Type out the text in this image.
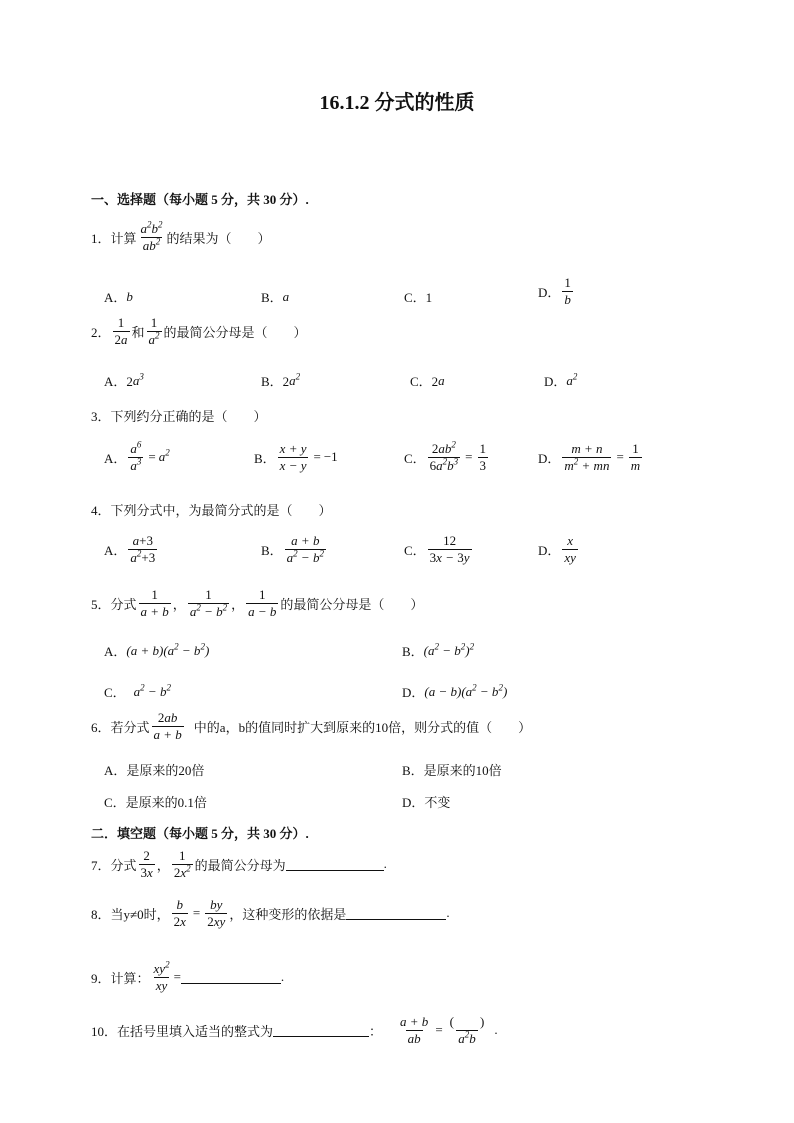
16.1.2 分式的性质
一、选择题（每小题 5 分，共 30 分）.
1．计算 $\frac{a^2b^2}{ab^2}$ 的结果为（　　）
A． b	B． a	C．1	D． $\frac{1}{b}$
2． $\frac{1}{2a}$ 和 $\frac{1}{a^2}$ 的最简公分母是（　　）
A．2 $a^3$	B．2 $a^2$	C．2 a	D． $a^2$
3．下列约分正确的是（　　）
A． $\frac{a^6}{a^3} = a^2$	B． $\frac{x + y}{x - y} = -1$	C． $\frac{2ab^2}{6a^2b^3} = \frac{1}{3}$	D． $\frac{m + n}{m^2 + mn} = \frac{1}{m}$
4．下列分式中，为最简分式的是（　　）
A． $\frac{a+3}{a^2+3}$	B． $\frac{a + b}{a^2 - b^2}$	C． $\frac{12}{3x - 3y}$	D． $\frac{x}{xy}$
5．分式 $\frac{1}{a + b}$ ， $\frac{1}{a^2 - b^2}$ ， $\frac{1}{a - b}$ 的最简公分母是（　　）
A． $(a + b)(a^2 - b^2)$	B． $(a^2 - b^2)^2$
C． $a^2 - b^2$	D． $(a - b)(a^2 - b^2)$
6．若分式 $\frac{2ab}{a + b}$ 中的a，b的值同时扩大到原来的10倍，则分式的值（　　）
A．是原来的20倍	B．是原来的10倍
C．是原来的0.1倍	D．不变
二．填空题（每小题 5 分，共 30 分）.
7．分式 $\frac{2}{3x}$ ， $\frac{1}{2x^2}$ 的最简公分母为	.
8．当y≠0时， $\frac{b}{2x} = \frac{by}{2xy}$ ，这种变形的依据是	.
9．计算： $\frac{xy^2}{xy}$ =	.
10．在括号里填入适当的整式为	： $\frac{a + b}{ab} = \frac{( )}{a^2b}$ .
